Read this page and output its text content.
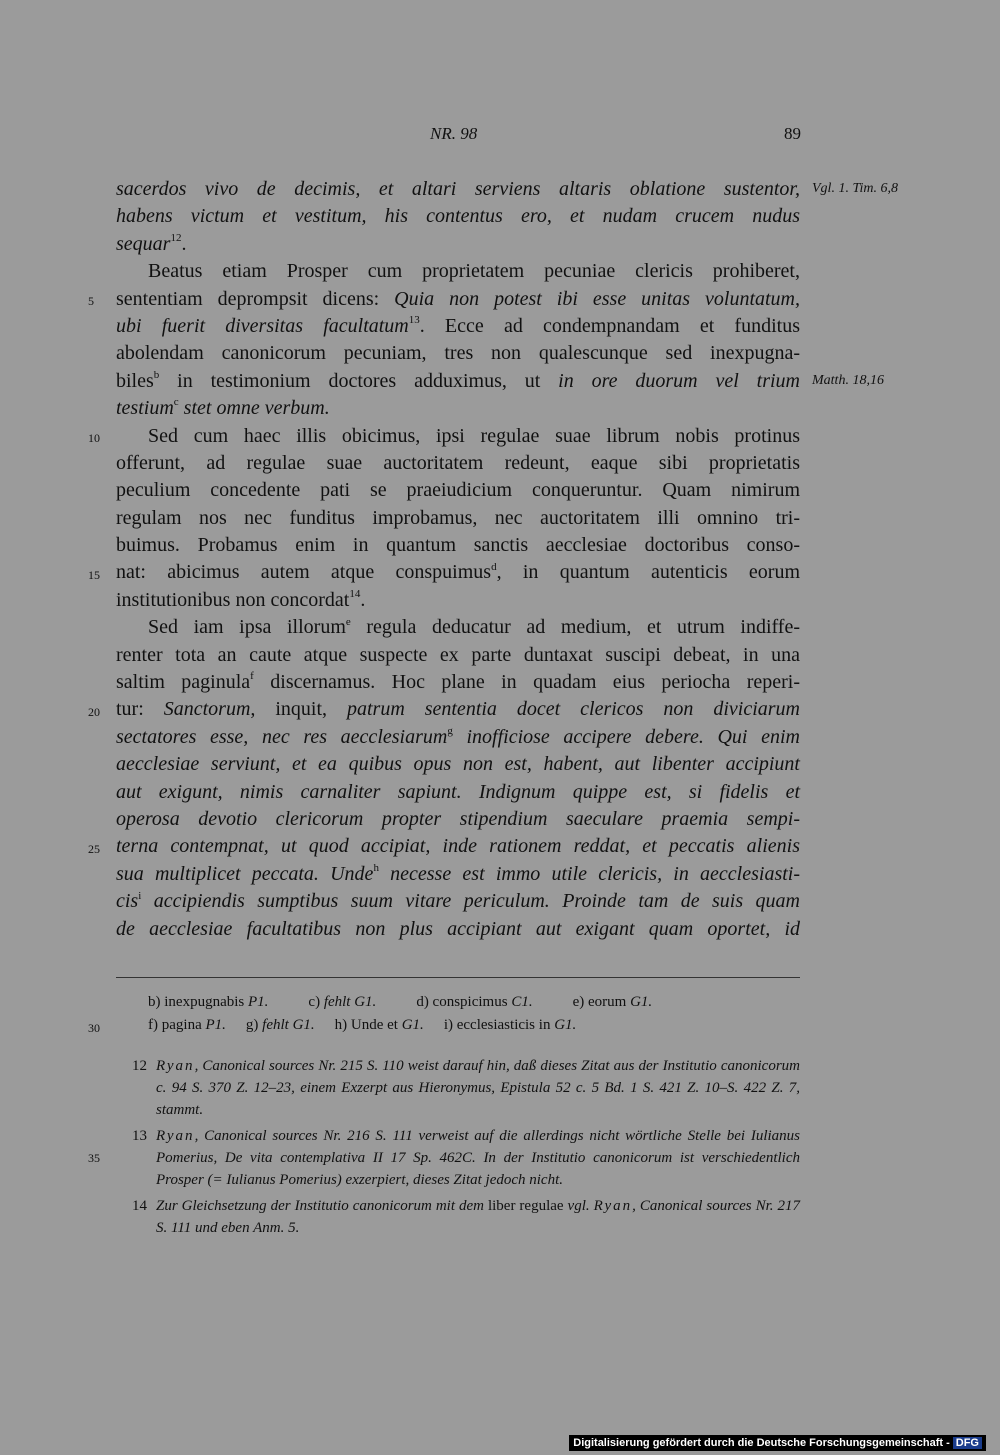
NR. 98	89
sacerdos vivo de decimis, et altari serviens altaris oblatione sustentor,
habens victum et vestitum, his contentus ero, et nudam crucem nudus
sequar$^{12}$.
Beatus etiam Prosper cum proprietatem pecuniae clericis prohiberet,
sententiam deprompsit dicens: Quia non potest ibi esse unitas voluntatum,
ubi fuerit diversitas facultatum$^{13}$. Ecce ad condempnandam et funditus
abolendam canonicorum pecuniam, tres non qualescunque sed inexpugna-
biles$^b$ in testimonium doctores adduximus, ut in ore duorum vel trium
testium$^c$ stet omne verbum.
Sed cum haec illis obicimus, ipsi regulae suae librum nobis protinus
offerunt, ad regulae suae auctoritatem redeunt, eaque sibi proprietatis
peculium concedente pati se praeiudicium conqueruntur. Quam nimirum
regulam nos nec funditus improbamus, nec auctoritatem illi omnino tri-
buimus. Probamus enim in quantum sanctis aecclesiae doctoribus conso-
nat: abicimus autem atque conspuimus$^d$, in quantum autenticis eorum
institutionibus non concordat$^{14}$.
Sed iam ipsa illorum$^e$ regula deducatur ad medium, et utrum indiffe-
renter tota an caute atque suspecte ex parte duntaxat suscipi debeat, in una
saltim paginula$^f$ discernamus. Hoc plane in quadam eius periocha reperi-
tur: Sanctorum, inquit, patrum sententia docet clericos non diviciarum
sectatores esse, nec res aecclesiarum$^g$ inofficiose accipere debere. Qui enim
aecclesiae serviunt, et ea quibus opus non est, habent, aut libenter accipiunt
aut exigunt, nimis carnaliter sapiunt. Indignum quippe est, si fidelis et
operosa devotio clericorum propter stipendium saeculare praemia sempi-
terna contempnat, ut quod accipiat, inde rationem reddat, et peccatis alienis
sua multiplicet peccata. Unde$^h$ necesse est immo utile clericis, in aecclesiasti-
cis$^i$ accipiendis sumptibus suum vitare periculum. Proinde tam de suis quam
de aecclesiae facultatibus non plus accipiant aut exigant quam oportet, id
5
10
15
20
25
Vgl. 1. Tim. 6,8
Matth. 18,16
b) inexpugnabis P1.	c) fehlt G1.	d) conspicimus C1.	e) eorum G1.
f) pagina P1. g) fehlt G1. h) Unde et G1. i) ecclesiasticis in G1.
30
35
12 Ryan, Canonical sources Nr. 215 S. 110 weist darauf hin, daß dieses Zitat aus der Institutio canonicorum c. 94 S. 370 Z. 12–23, einem Exzerpt aus Hieronymus, Epistula 52 c. 5 Bd. 1 S. 421 Z. 10–S. 422 Z. 7, stammt.
13 Ryan, Canonical sources Nr. 216 S. 111 verweist auf die allerdings nicht wörtliche Stelle bei Iulianus Pomerius, De vita contemplativa II 17 Sp. 462C. In der Institutio canonicorum ist verschiedentlich Prosper (= Iulianus Pomerius) exzerpiert, dieses Zitat jedoch nicht.
14 Zur Gleichsetzung der Institutio canonicorum mit dem liber regulae vgl. Ryan, Canonical sources Nr. 217 S. 111 und eben Anm. 5.
Digitalisierung gefördert durch die Deutsche Forschungsgemeinschaft - DFG
